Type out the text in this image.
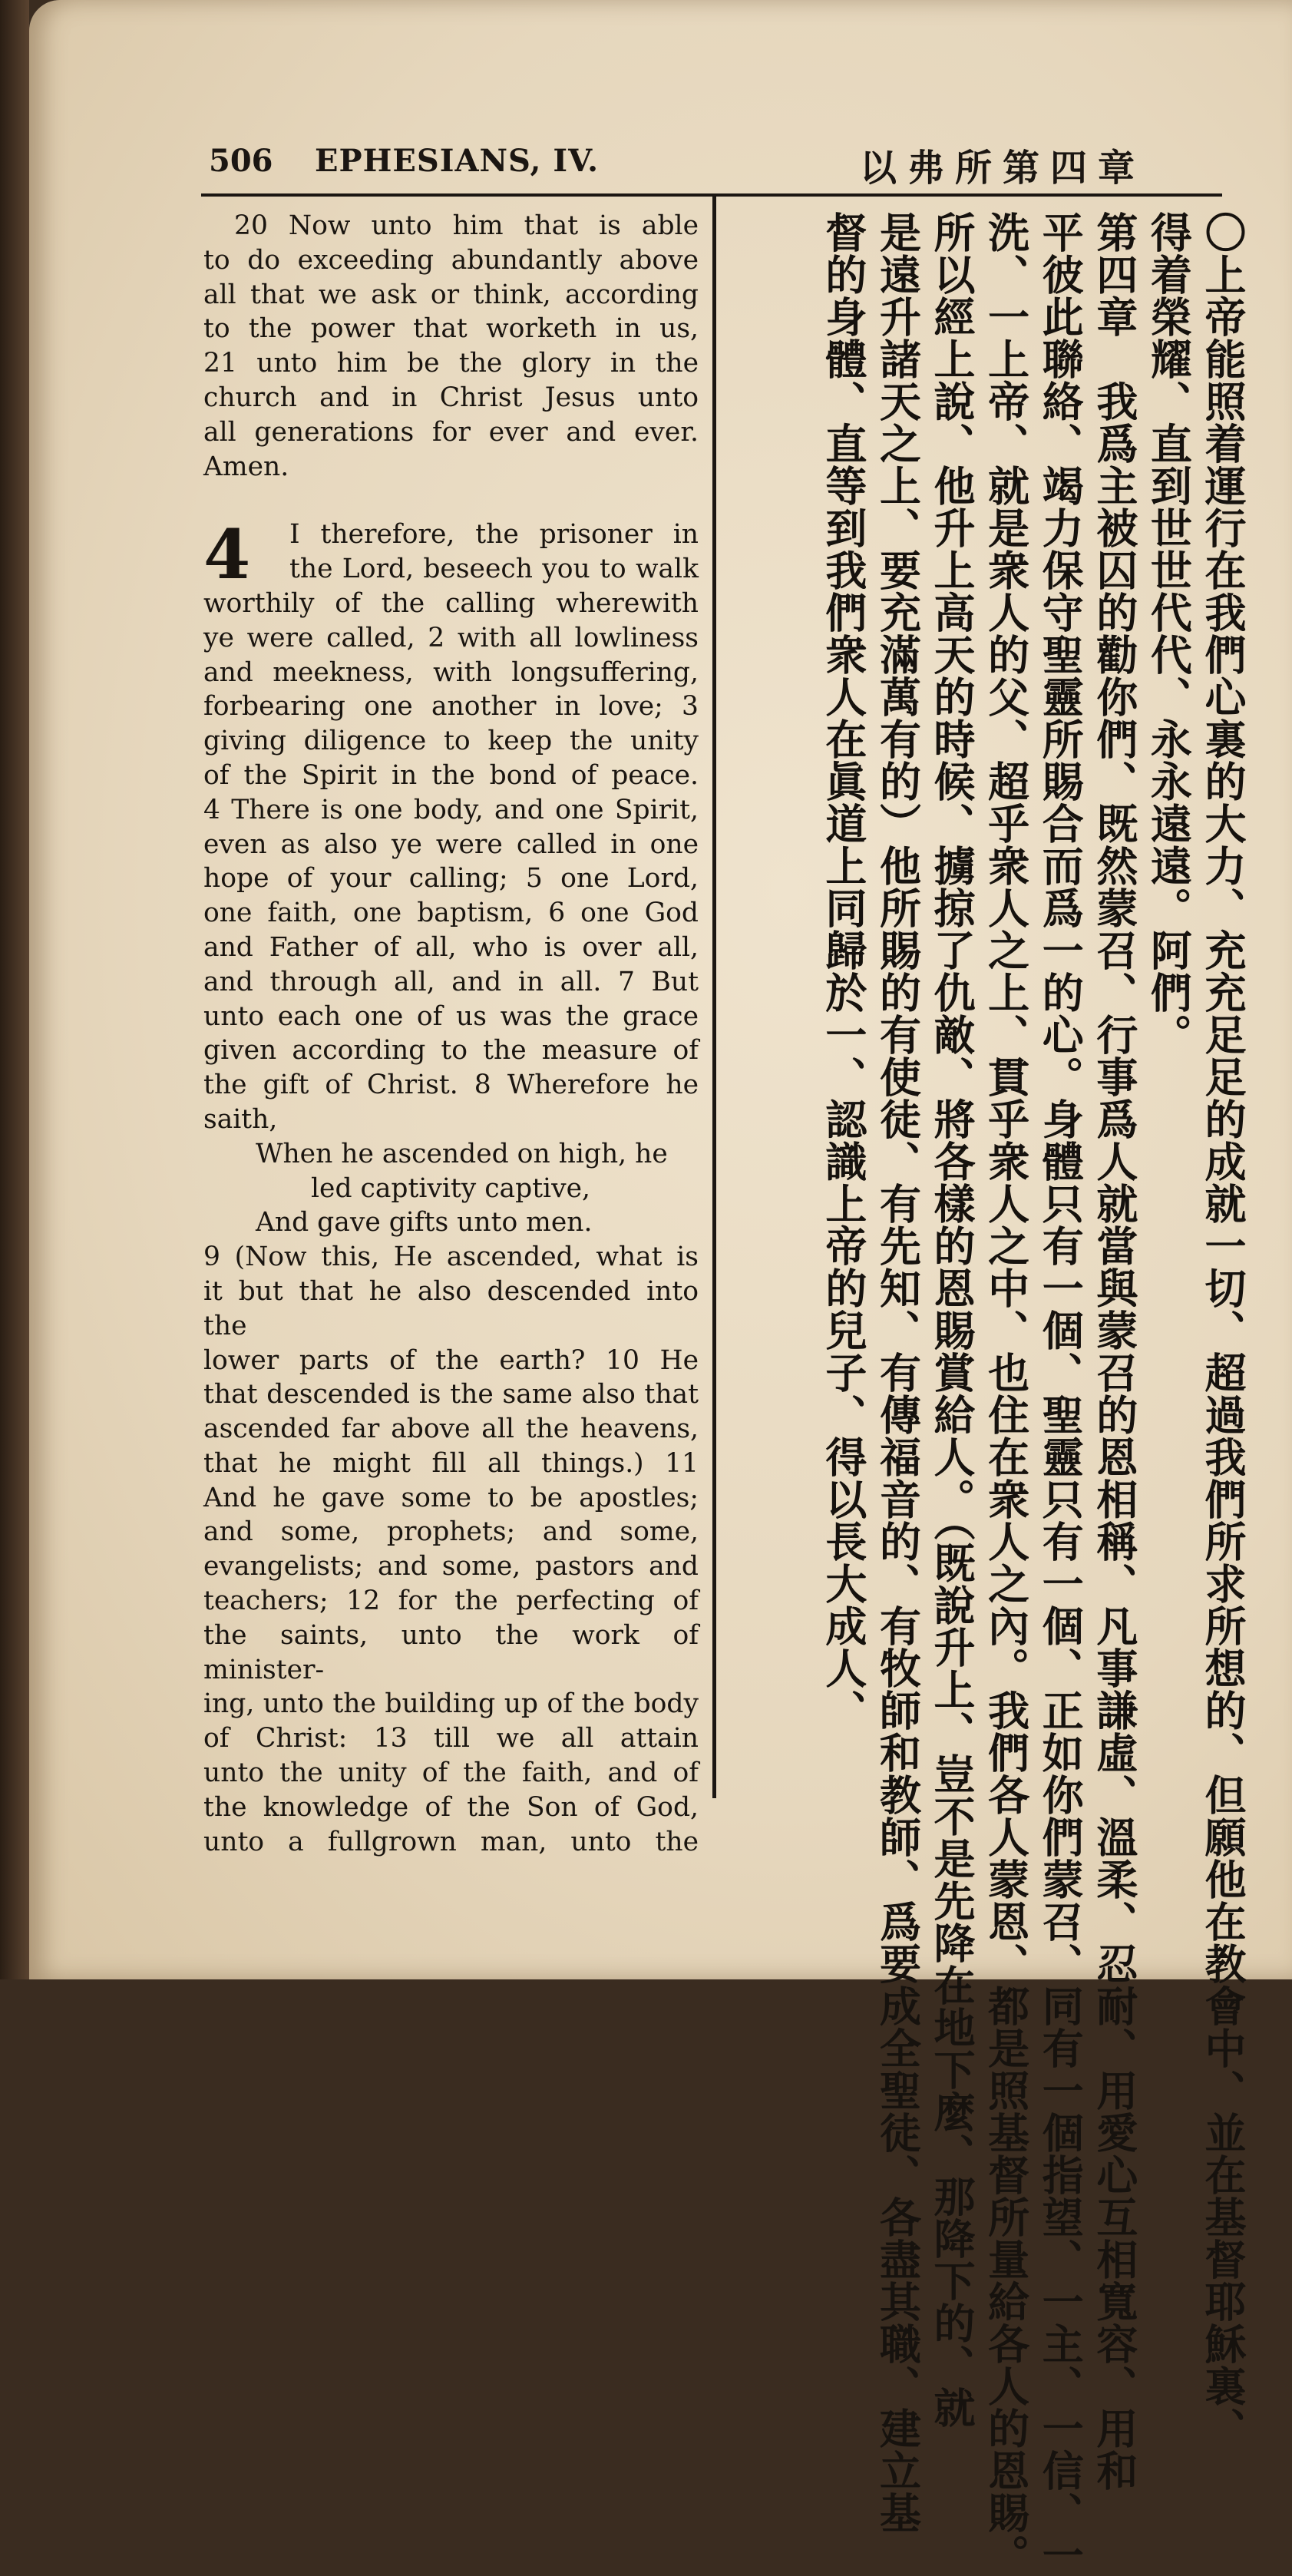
506 EPHESIANS, IV.	以弗所第四章

20 Now unto him that is able

to do exceeding abundantly above

all that we ask or think, according

to the power that worketh in us,

21 unto him be the glory in the

church and in Christ Jesus unto

all generations for ever and ever.

Amen.

4	I therefore, the prisoner in

the Lord, beseech you to walk

worthily of the calling wherewith

ye were called, 2 with all lowliness

and meekness, with longsuffering,

forbearing one another in love; 3

giving diligence to keep the unity

of the Spirit in the bond of peace.

4 There is one body, and one Spirit,

even as also ye were called in one

hope of your calling; 5 one Lord,

one faith, one baptism, 6 one God

and Father of all, who is over all,

and through all, and in all. 7 But

unto each one of us was the grace

given according to the measure of

the gift of Christ. 8 Wherefore he

saith,

When he ascended on high, he

led captivity captive,

And gave gifts unto men.

9 (Now this, He ascended, what is

it but that he also descended into the

lower parts of the earth? 10 He

that descended is the same also that

ascended far above all the heavens,

that he might fill all things.) 11

And he gave some to be apostles;

and some, prophets; and some,

evangelists; and some, pastors and

teachers; 12 for the perfecting of

the saints, unto the work of minister-

ing, unto the building up of the body

of Christ: 13 till we all attain

unto the unity of the faith, and of

the knowledge of the Son of God,

unto a fullgrown man, unto the	〇上帝能照着運行在我們心裏的大力、充充足足的成就一切、超過我們所求所想的、但願他在教會中、並在基督耶穌裏、
得着榮耀、直到世世代代、永永遠遠。阿們。
第四章　我爲主被囚的勸你們、既然蒙召、行事爲人就當與蒙召的恩相稱、凡事謙虛、溫柔、忍耐、用愛心互相寬容、用和
平彼此聯絡、竭力保守聖靈所賜合而爲一的心。身體只有一個、聖靈只有一個、正如你們蒙召、同有一個指望、一主、一信、一
洗、一上帝、就是衆人的父、超乎衆人之上、貫乎衆人之中、也住在衆人之內。我們各人蒙恩、都是照基督所量給各人的恩賜。
所以經上說、他升上高天的時候、擄掠了仇敵、將各樣的恩賜賞給人。（既說升上、豈不是先降在地下麼、那降下的、就
是遠升諸天之上、要充滿萬有的）他所賜的有使徒、有先知、有傳福音的、有牧師和教師、爲要成全聖徒、各盡其職、建立基
督的身體、直等到我們衆人在眞道上同歸於一、認識上帝的兒子、得以長大成人、
